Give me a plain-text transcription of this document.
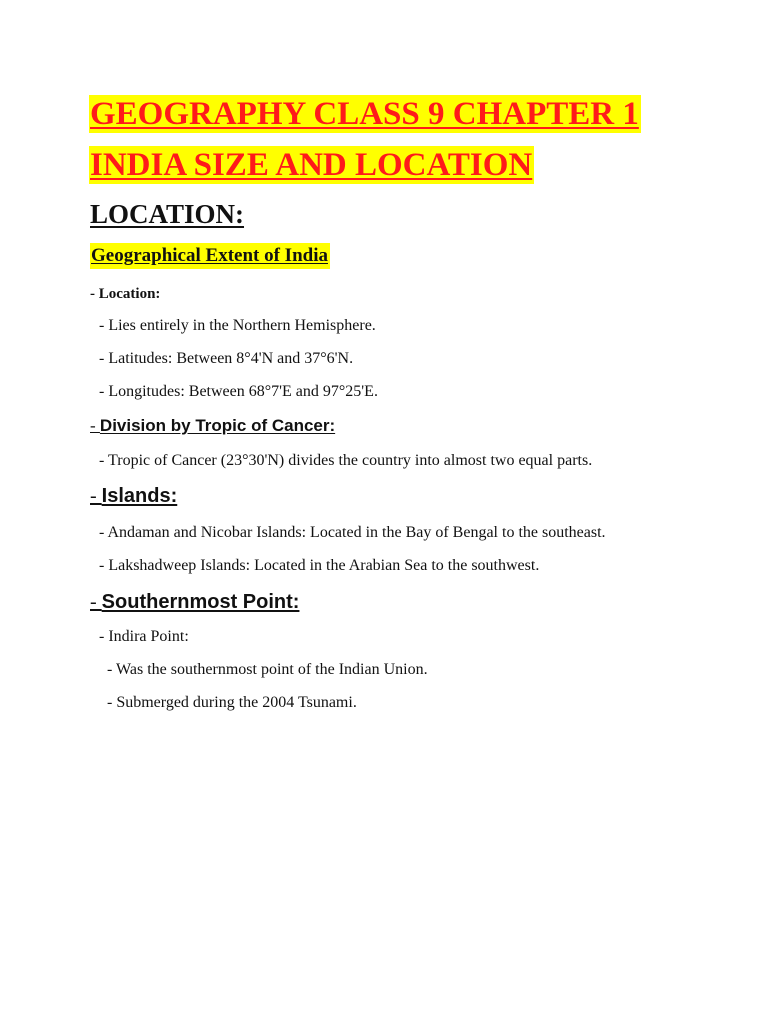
GEOGRAPHY CLASS 9 CHAPTER 1
INDIA SIZE AND LOCATION
LOCATION:
Geographical Extent of India
- Location:
- Lies entirely in the Northern Hemisphere.
- Latitudes: Between 8°4'N and 37°6'N.
- Longitudes: Between 68°7'E and 97°25'E.
- Division by Tropic of Cancer:
- Tropic of Cancer (23°30'N) divides the country into almost two equal parts.
- Islands:
- Andaman and Nicobar Islands: Located in the Bay of Bengal to the southeast.
- Lakshadweep Islands: Located in the Arabian Sea to the southwest.
- Southernmost Point:
- Indira Point:
- Was the southernmost point of the Indian Union.
- Submerged during the 2004 Tsunami.
